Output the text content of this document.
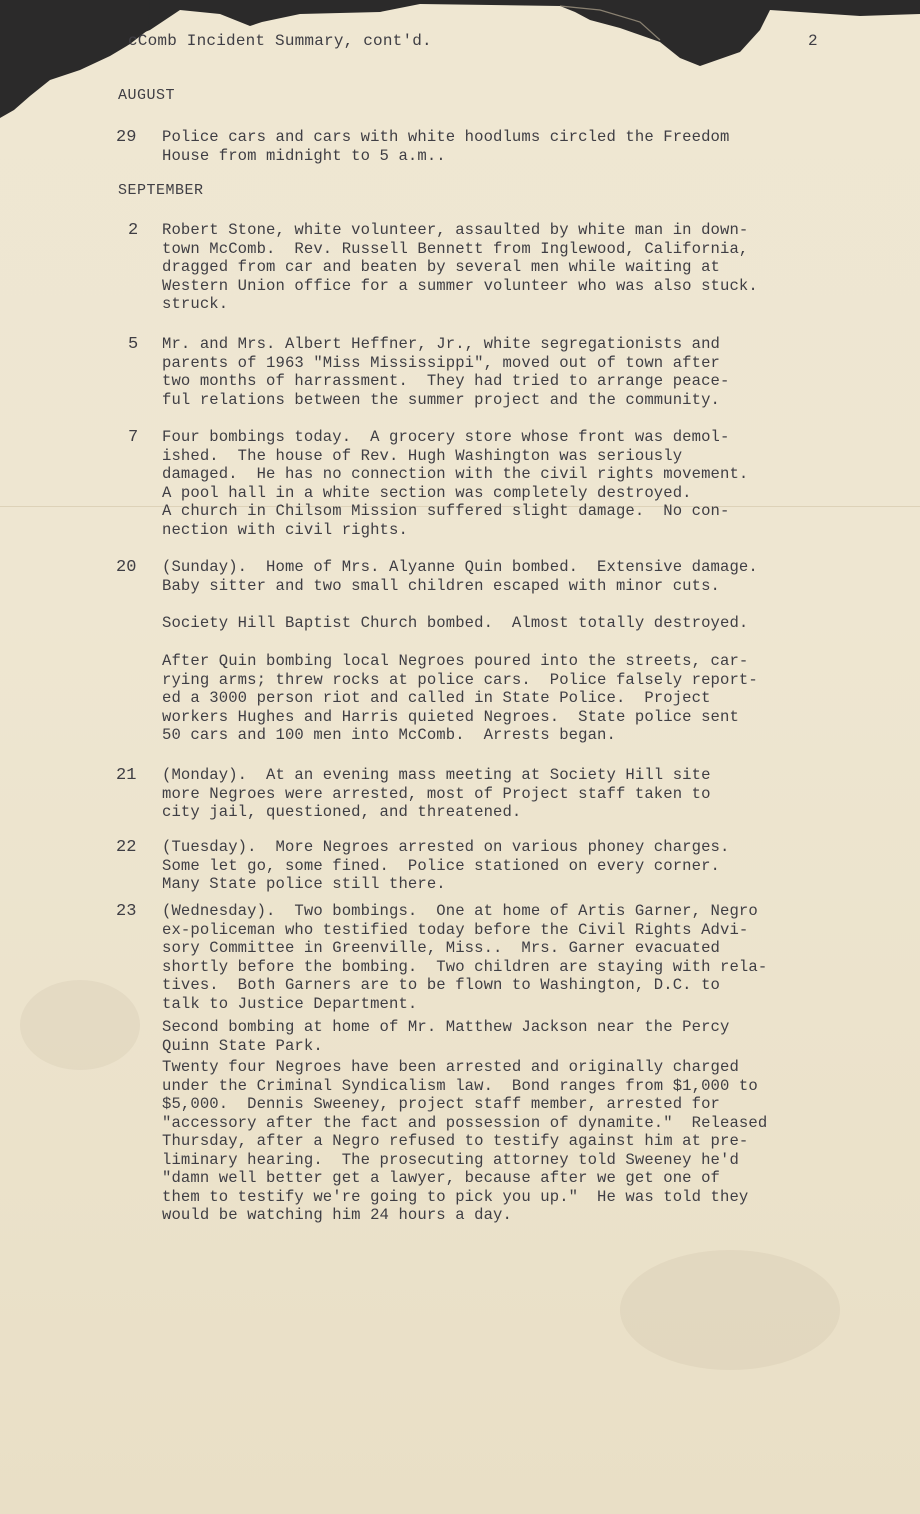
cComb Incident Summary, cont'd.	2
AUGUST
29	Police cars and cars with white hoodlums circled the Freedom
House from midnight to 5 a.m..
SEPTEMBER
2	Robert Stone, white volunteer, assaulted by white man in down-
town McComb.  Rev. Russell Bennett from Inglewood, California,
dragged from car and beaten by several men while waiting at
Western Union office for a summer volunteer who was also stuck.
struck.
5	Mr. and Mrs. Albert Heffner, Jr., white segregationists and
parents of 1963 "Miss Mississippi", moved out of town after
two months of harrassment.  They had tried to arrange peace-
ful relations between the summer project and the community.
7	Four bombings today.  A grocery store whose front was demol-
ished.  The house of Rev. Hugh Washington was seriously
damaged.  He has no connection with the civil rights movement.
A pool hall in a white section was completely destroyed.
A church in Chilsom Mission suffered slight damage.  No con-
nection with civil rights.
20	(Sunday).  Home of Mrs. Alyanne Quin bombed.  Extensive damage.
Baby sitter and two small children escaped with minor cuts.
Society Hill Baptist Church bombed.  Almost totally destroyed.
After Quin bombing local Negroes poured into the streets, car-
rying arms; threw rocks at police cars.  Police falsely report-
ed a 3000 person riot and called in State Police.  Project
workers Hughes and Harris quieted Negroes.  State police sent
50 cars and 100 men into McComb.  Arrests began.
21	(Monday).  At an evening mass meeting at Society Hill site
more Negroes were arrested, most of Project staff taken to
city jail, questioned, and threatened.
22	(Tuesday).  More Negroes arrested on various phoney charges.
Some let go, some fined.  Police stationed on every corner.
Many State police still there.
23	(Wednesday).  Two bombings.  One at home of Artis Garner, Negro
ex-policeman who testified today before the Civil Rights Advi-
sory Committee in Greenville, Miss..  Mrs. Garner evacuated
shortly before the bombing.  Two children are staying with rela-
tives.  Both Garners are to be flown to Washington, D.C. to
talk to Justice Department.
Second bombing at home of Mr. Matthew Jackson near the Percy
Quinn State Park.
Twenty four Negroes have been arrested and originally charged
under the Criminal Syndicalism law.  Bond ranges from $1,000 to
$5,000.  Dennis Sweeney, project staff member, arrested for
"accessory after the fact and possession of dynamite."  Released
Thursday, after a Negro refused to testify against him at pre-
liminary hearing.  The prosecuting attorney told Sweeney he'd
"damn well better get a lawyer, because after we get one of
them to testify we're going to pick you up."  He was told they
would be watching him 24 hours a day.
